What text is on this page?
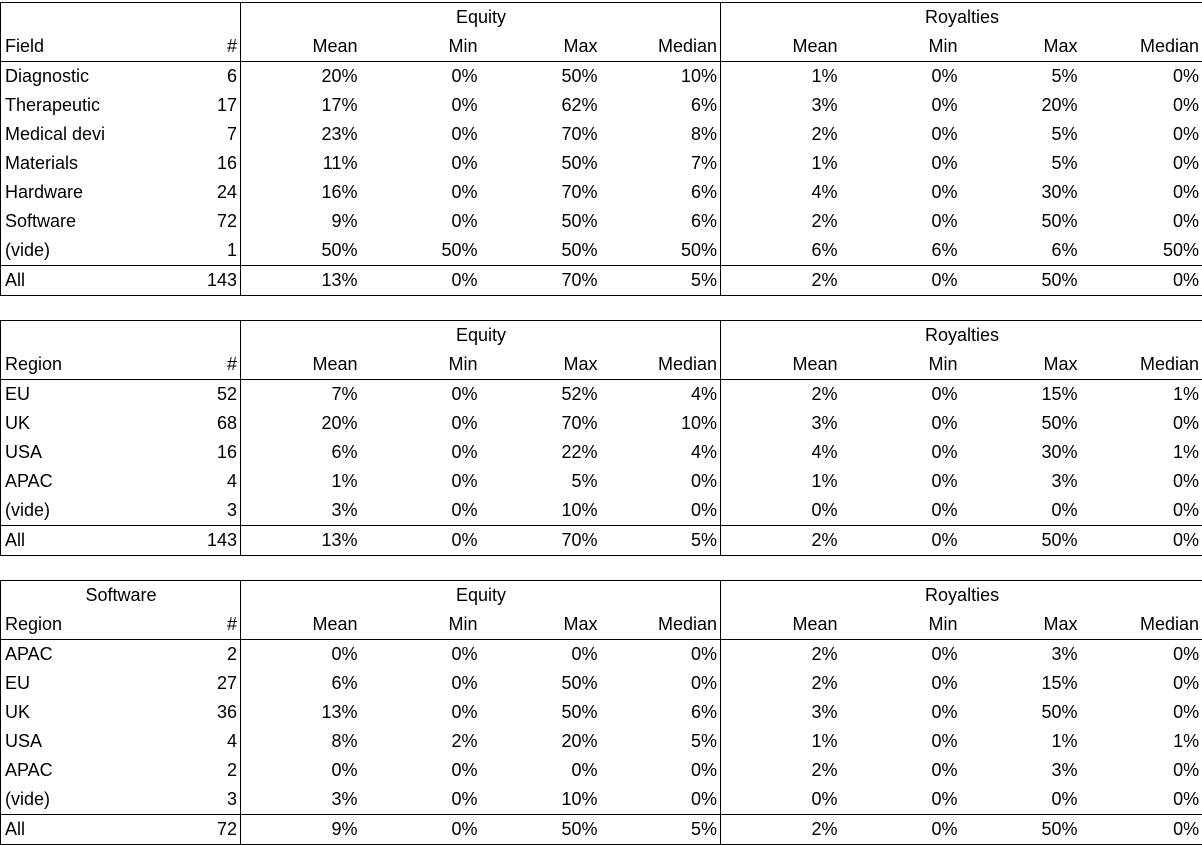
		Equity				Royalties			
Field	#	Mean	Min	Max	Median	Mean	Min	Max	Median
Diagnostic	6	20%	0%	50%	10%	1%	0%	5%	0%
Therapeutic	17	17%	0%	62%	6%	3%	0%	20%	0%
Medical devi	7	23%	0%	70%	8%	2%	0%	5%	0%
Materials	16	11%	0%	50%	7%	1%	0%	5%	0%
Hardware	24	16%	0%	70%	6%	4%	0%	30%	0%
Software	72	9%	0%	50%	6%	2%	0%	50%	0%
(vide)	1	50%	50%	50%	50%	6%	6%	6%	50%
All	143	13%	0%	70%	5%	2%	0%	50%	0%
		Equity				Royalties			
Region	#	Mean	Min	Max	Median	Mean	Min	Max	Median
EU	52	7%	0%	52%	4%	2%	0%	15%	1%
UK	68	20%	0%	70%	10%	3%	0%	50%	0%
USA	16	6%	0%	22%	4%	4%	0%	30%	1%
APAC	4	1%	0%	5%	0%	1%	0%	3%	0%
(vide)	3	3%	0%	10%	0%	0%	0%	0%	0%
All	143	13%	0%	70%	5%	2%	0%	50%	0%
Software		Equity				Royalties			
Region	#	Mean	Min	Max	Median	Mean	Min	Max	Median
APAC	2	0%	0%	0%	0%	2%	0%	3%	0%
EU	27	6%	0%	50%	0%	2%	0%	15%	0%
UK	36	13%	0%	50%	6%	3%	0%	50%	0%
USA	4	8%	2%	20%	5%	1%	0%	1%	1%
APAC	2	0%	0%	0%	0%	2%	0%	3%	0%
(vide)	3	3%	0%	10%	0%	0%	0%	0%	0%
All	72	9%	0%	50%	5%	2%	0%	50%	0%
